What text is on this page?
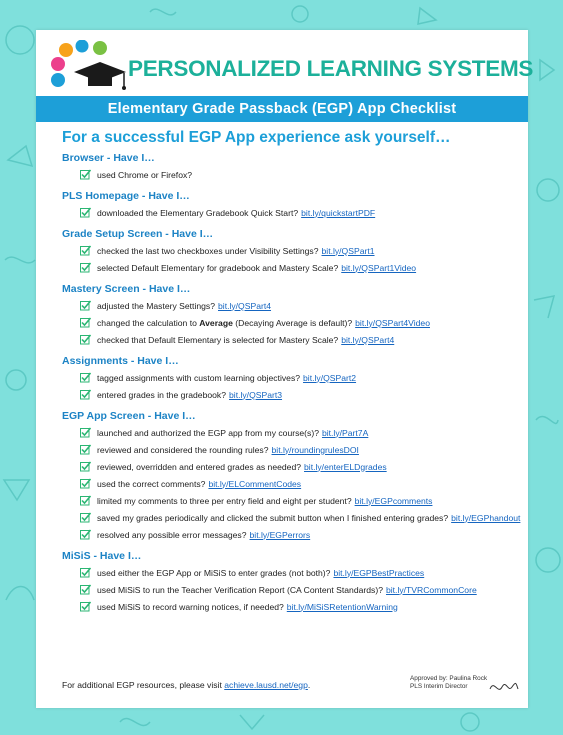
PERSONALIZED LEARNING SYSTEMS
Elementary Grade Passback (EGP) App Checklist
For a successful EGP App experience ask yourself…
Browser - Have I…
used Chrome or Firefox?
PLS Homepage - Have I…
downloaded the Elementary Gradebook Quick Start? bit.ly/quickstartPDF
Grade Setup Screen - Have I…
checked the last two checkboxes under Visibility Settings? bit.ly/QSPart1
selected Default Elementary for gradebook and Mastery Scale? bit.ly/QSPart1Video
Mastery Screen - Have I…
adjusted the Mastery Settings? bit.ly/QSPart4
changed the calculation to
Average
(Decaying Average is default)? bit.ly/QSPart4Video
checked that Default Elementary is selected for Mastery Scale? bit.ly/QSPart4
Assignments - Have I…
tagged assignments with custom learning objectives? bit.ly/QSPart2
entered grades in the gradebook? bit.ly/QSPart3
EGP App Screen - Have I…
launched and authorized the EGP app from my course(s)? bit.ly/Part7A
reviewed and considered the rounding rules? bit.ly/roundingrulesDOI
reviewed, overridden and entered grades as needed? bit.ly/enterELDgrades
used the correct comments? bit.ly/ELCommentCodes
limited my comments to three per entry field and eight per student? bit.ly/EGPcomments
saved my grades periodically and clicked the submit button when I finished entering grades? bit.ly/EGPhandout
resolved any possible error messages? bit.ly/EGPerrors
MiSiS - Have I…
used either the EGP App or MiSiS to enter grades (not both)? bit.ly/EGPBestPractices
used MiSiS to run the Teacher Verification Report (CA Content Standards)? bit.ly/TVRCommonCore
used MiSiS to record warning notices, if needed? bit.ly/MiSiSRetentionWarning
For additional EGP resources, please visit achieve.lausd.net/egp.
Approved by: Paulina Rock
PLS Interim Director
